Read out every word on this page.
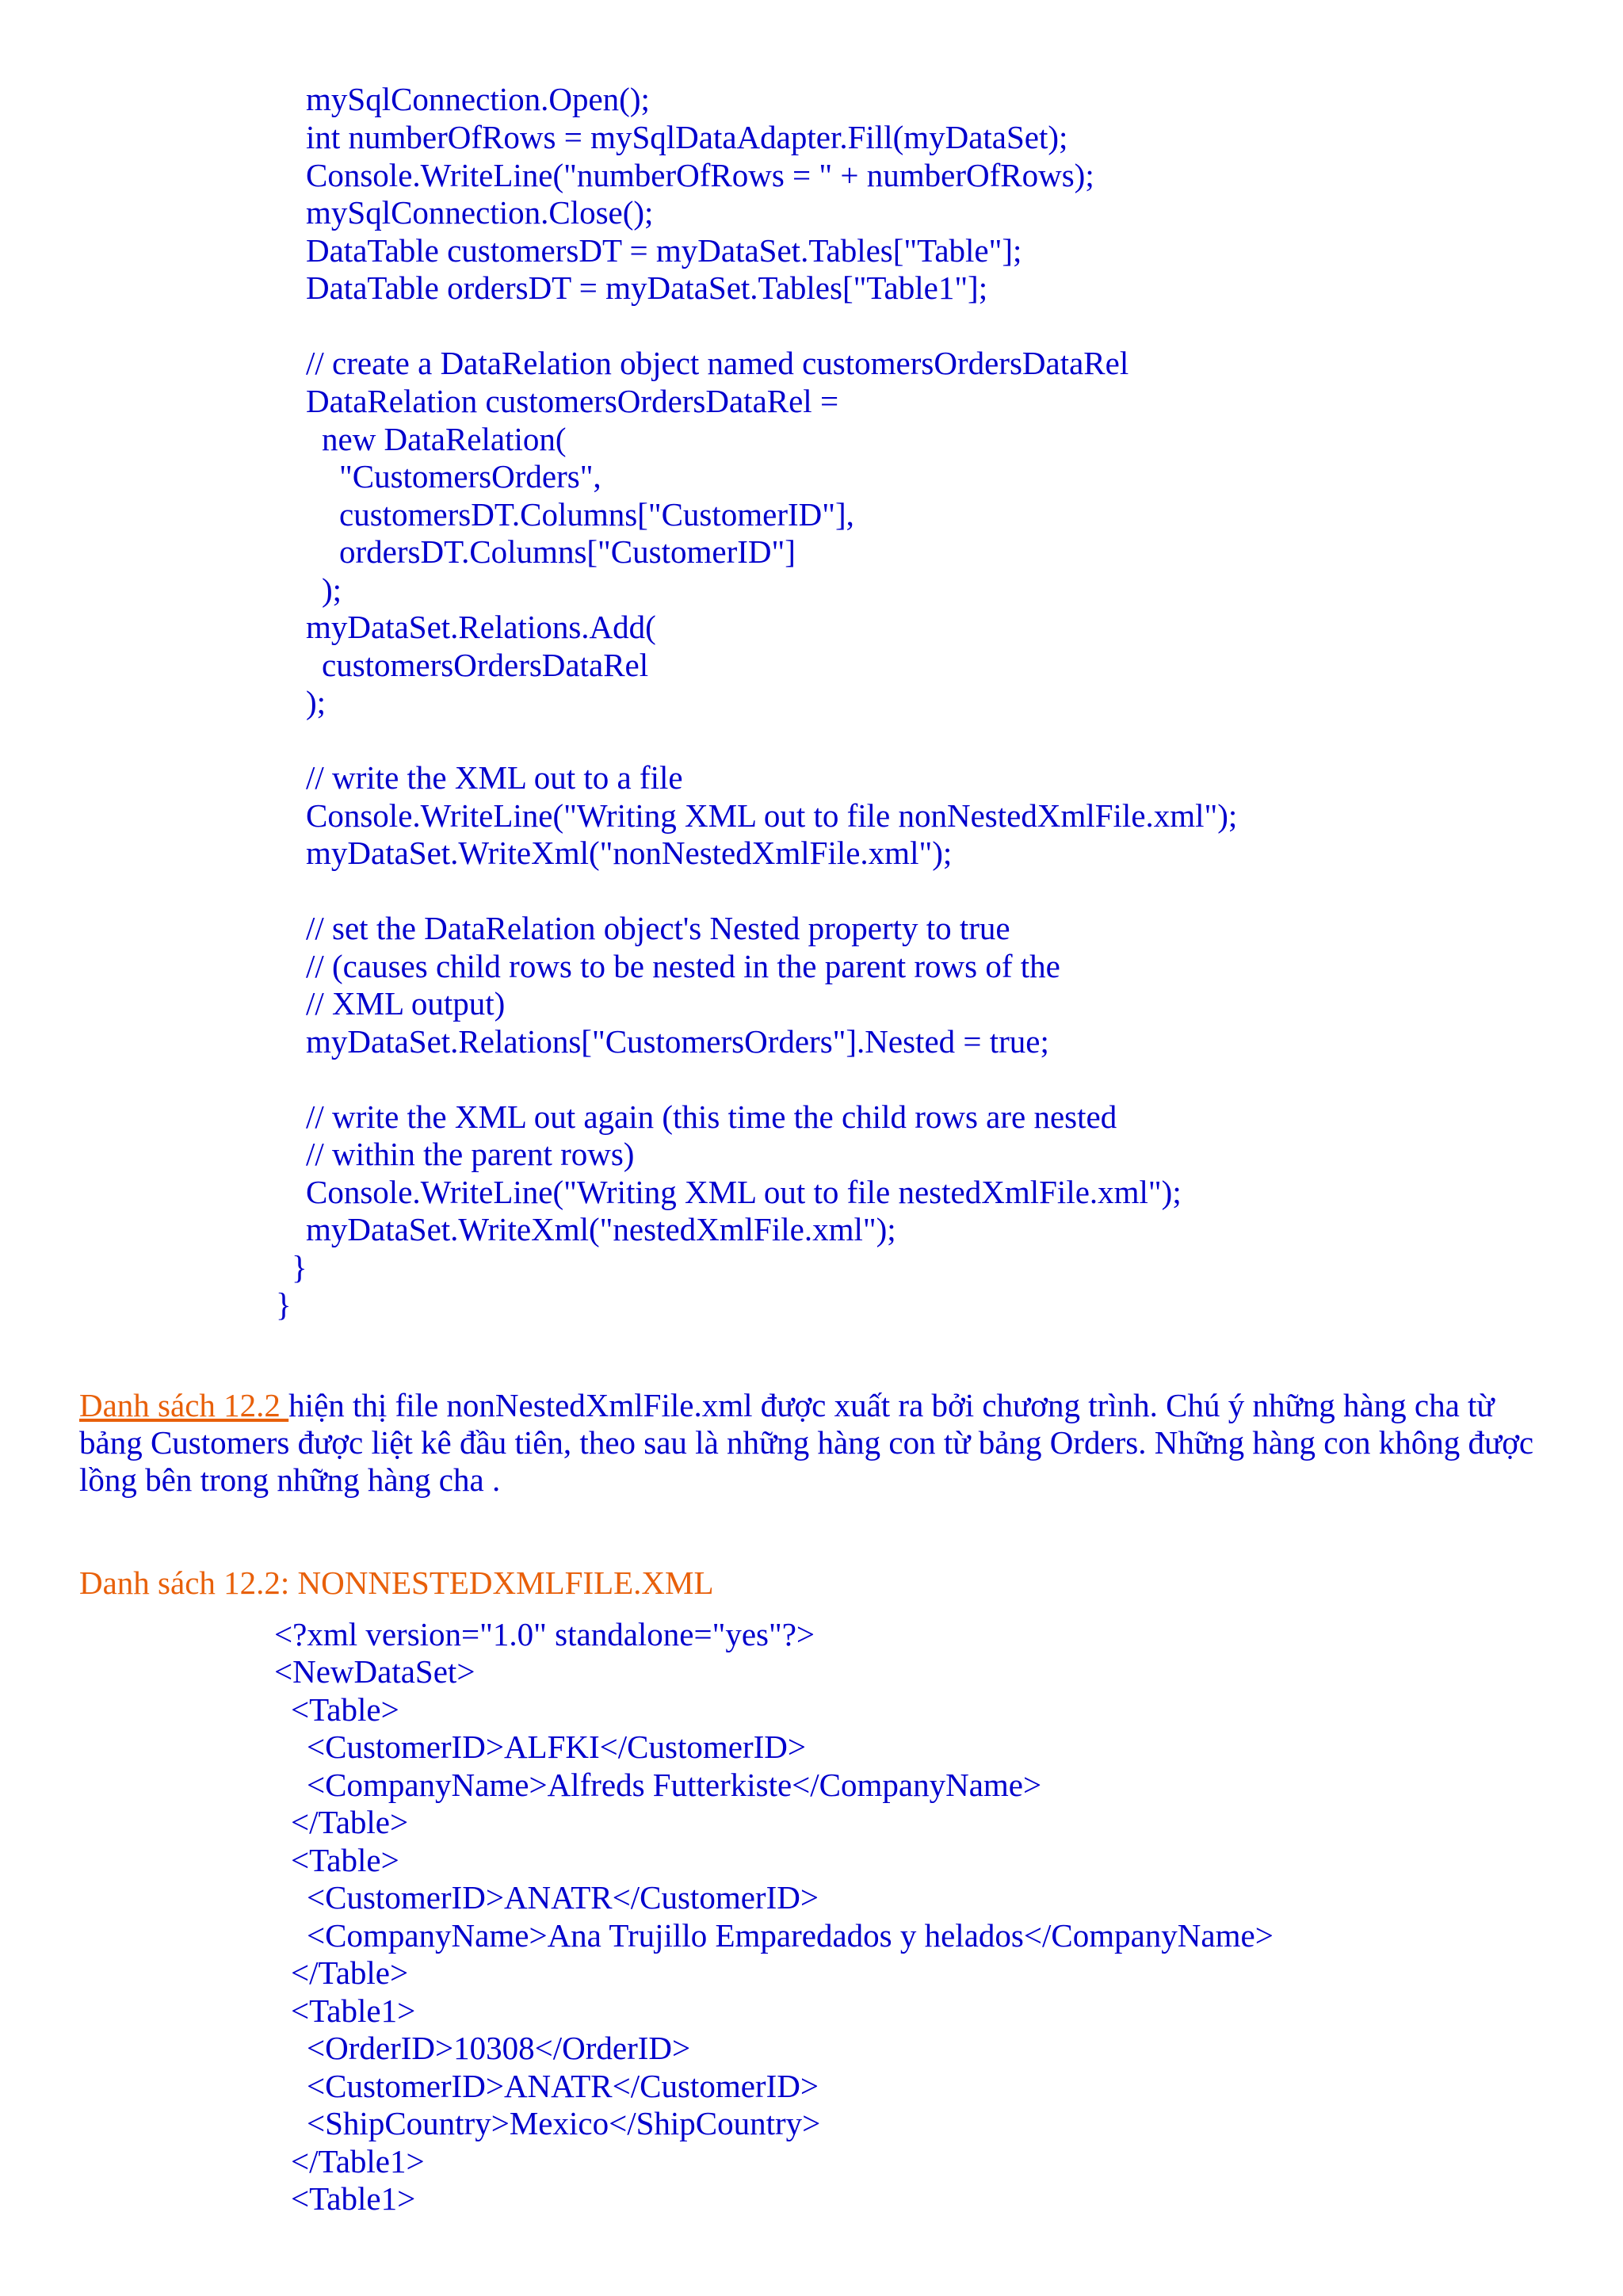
mySqlConnection.Open();

int numberOfRows = mySqlDataAdapter.Fill(myDataSet);

Console.WriteLine("numberOfRows = " + numberOfRows);

mySqlConnection.Close();

DataTable customersDT = myDataSet.Tables["Table"];

DataTable ordersDT = myDataSet.Tables["Table1"];

// create a DataRelation object named customersOrdersDataRel

DataRelation customersOrdersDataRel =

new DataRelation(

"CustomersOrders",

customersDT.Columns["CustomerID"],

ordersDT.Columns["CustomerID"]

);

myDataSet.Relations.Add(

customersOrdersDataRel

);

// write the XML out to a file

Console.WriteLine("Writing XML out to file nonNestedXmlFile.xml");

myDataSet.WriteXml("nonNestedXmlFile.xml");

// set the DataRelation object's Nested property to true

// (causes child rows to be nested in the parent rows of the

// XML output)

myDataSet.Relations["CustomersOrders"].Nested = true;

// write the XML out again (this time the child rows are nested

// within the parent rows)

Console.WriteLine("Writing XML out to file nestedXmlFile.xml");

myDataSet.WriteXml("nestedXmlFile.xml");

}

}

Danh sách 12.2 hiện thị file nonNestedXmlFile.xml được xuất ra bởi chương trình. Chú ý những hàng cha từ bảng Customers được liệt kê đầu tiên, theo sau là những hàng con từ bảng Orders. Những hàng con không được lồng bên trong những hàng cha .

Danh sách 12.2: NONNESTEDXMLFILE.XML

<?xml version="1.0" standalone="yes"?>

<NewDataSet>

<Table>

<CustomerID>ALFKI</CustomerID>

<CompanyName>Alfreds Futterkiste</CompanyName>

</Table>

<Table>

<CustomerID>ANATR</CustomerID>

<CompanyName>Ana Trujillo Emparedados y helados</CompanyName>

</Table>

<Table1>

<OrderID>10308</OrderID>

<CustomerID>ANATR</CustomerID>

<ShipCountry>Mexico</ShipCountry>

</Table1>

<Table1>
